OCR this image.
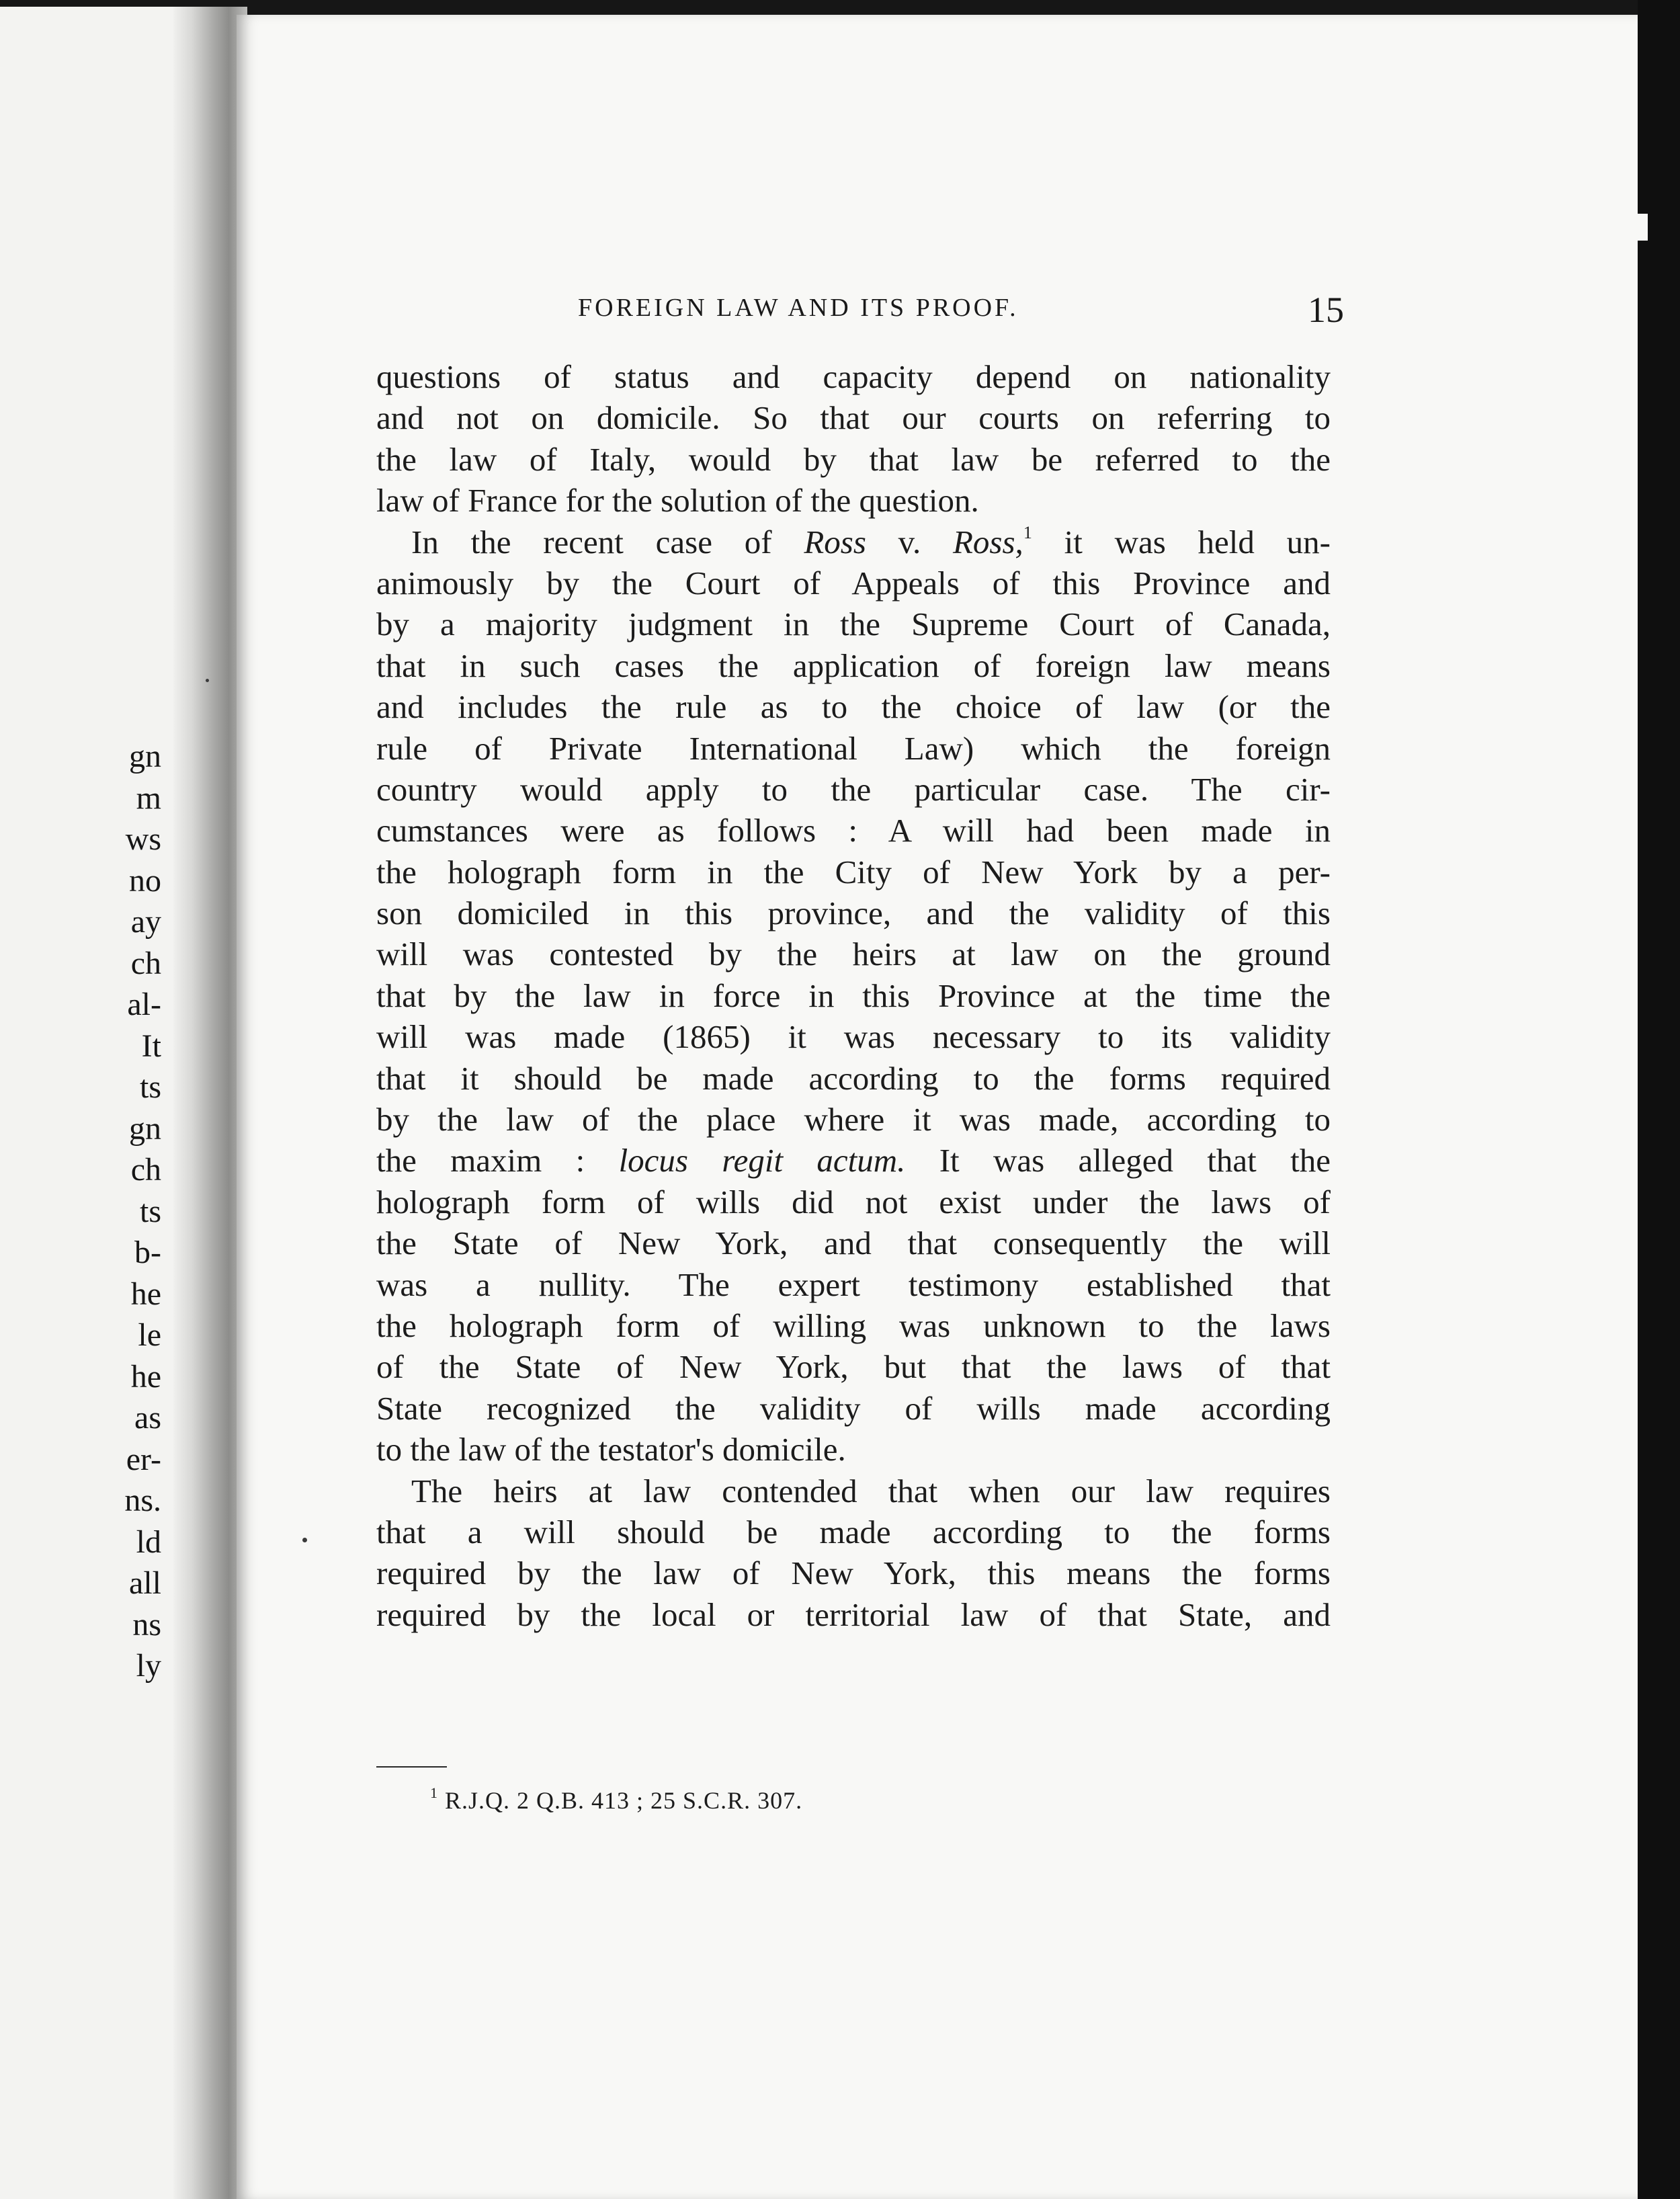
gn
m
ws
no
ay
ch
al-
It
ts
gn
ch
ts
b-
he
le
he
as
er-
ns.
ld
all
ns
ly
FOREIGN LAW AND ITS PROOF.	15
questions of status and capacity depend on nationality
and not on domicile. So that our courts on referring to
the law of Italy, would by that law be referred to the
law of France for the solution of the question.
In the recent case of Ross v. Ross,$^1$ it was held un-
animously by the Court of Appeals of this Province and
by a majority judgment in the Supreme Court of Canada,
that in such cases the application of foreign law means
and includes the rule as to the choice of law (or the
rule of Private International Law) which the foreign
country would apply to the particular case. The cir-
cumstances were as follows : A will had been made in
the holograph form in the City of New York by a per-
son domiciled in this province, and the validity of this
will was contested by the heirs at law on the ground
that by the law in force in this Province at the time the
will was made (1865) it was necessary to its validity
that it should be made according to the forms required
by the law of the place where it was made, according to
the maxim : locus regit actum. It was alleged that the
holograph form of wills did not exist under the laws of
the State of New York, and that consequently the will
was a nullity. The expert testimony established that
the holograph form of willing was unknown to the laws
of the State of New York, but that the laws of that
State recognized the validity of wills made according
to the law of the testator's domicile.
The heirs at law contended that when our law requires
that a will should be made according to the forms
required by the law of New York, this means the forms
required by the local or territorial law of that State, and
$^1$ R.J.Q. 2 Q.B. 413 ; 25 S.C.R. 307.
